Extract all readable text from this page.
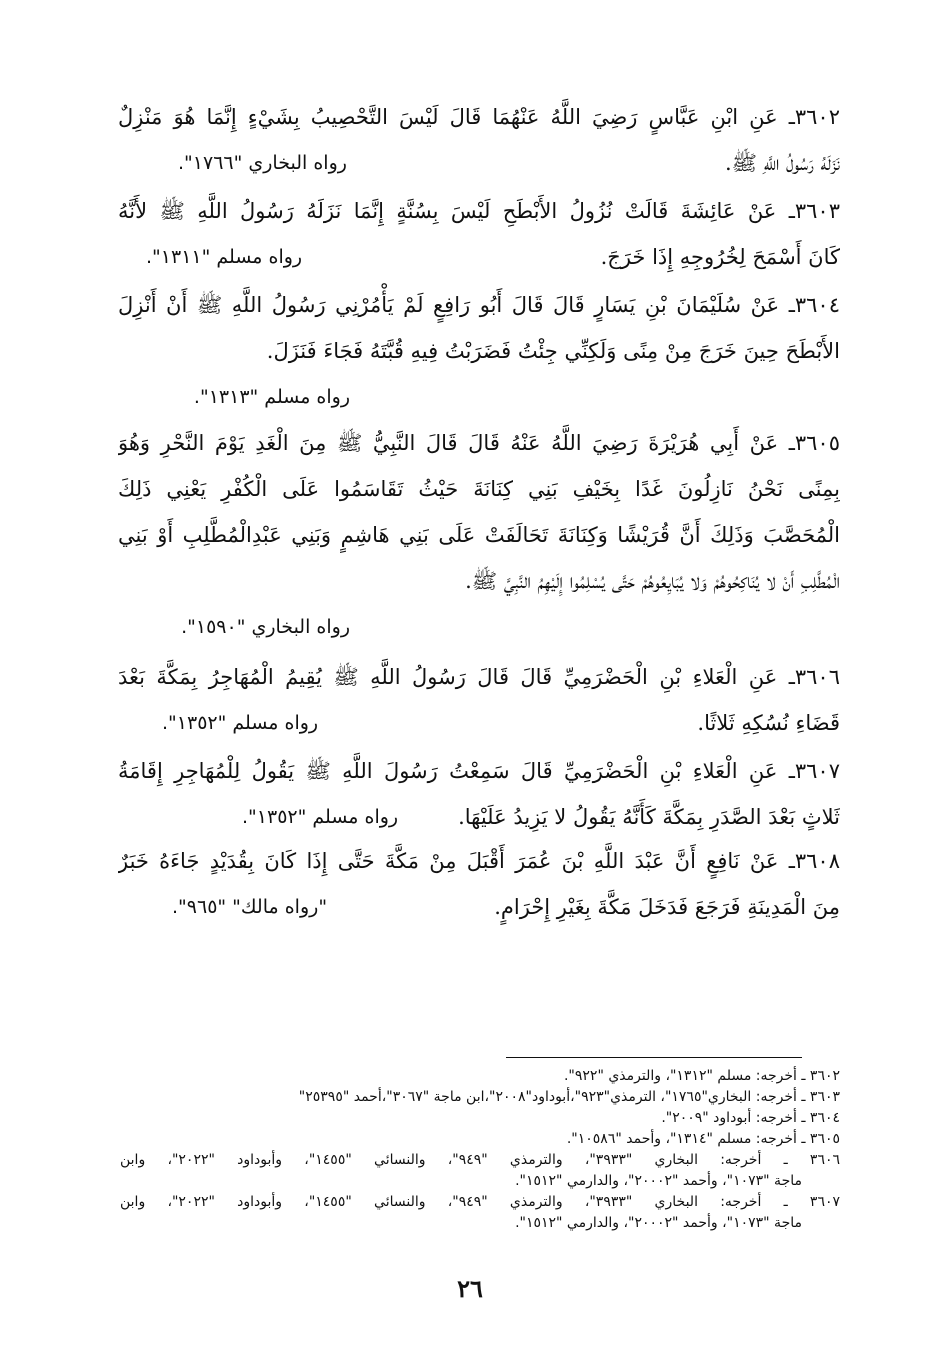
٣٦٠٢ـ عَنِ ابْنِ عَبَّاسٍ رَضِيَ اللَّهُ عَنْهُمَا قَالَ لَيْسَ التَّحْصِيبُ بِشَيْءٍ إِنَّمَا هُوَ مَنْزِلٌ
نَزَلَهُ رَسُولُ اللَّهِ ﷺ.
رواه البخاري "١٧٦٦".
٣٦٠٣ـ عَنْ عَائِشَةَ قَالَتْ نُزُولُ الأَبْطَحِ لَيْسَ بِسُنَّةٍ إِنَّمَا نَزَلَهُ رَسُولُ اللَّهِ ﷺ لأَنَّهُ
كَانَ أَسْمَحَ لِخُرُوجِهِ إِذَا خَرَجَ.
رواه مسلم "١٣١١".
٣٦٠٤ـ عَنْ سُلَيْمَانَ بْنِ يَسَارٍ قَالَ قَالَ أَبُو رَافِعٍ لَمْ يَأْمُرْنِي رَسُولُ اللَّهِ ﷺ أَنْ أَنْزِلَ
الأَبْطَحَ حِينَ خَرَجَ مِنْ مِنًى وَلَكِنِّي جِئْتُ فَضَرَبْتُ فِيهِ قُبَّتَهُ فَجَاءَ فَنَزَلَ.
رواه مسلم "١٣١٣".
٣٦٠٥ـ عَنْ أَبِي هُرَيْرَةَ رَضِيَ اللَّهُ عَنْهُ قَالَ قَالَ النَّبِيُّ ﷺ مِنَ الْغَدِ يَوْمَ النَّحْرِ وَهُوَ
بِمِنًى نَحْنُ نَازِلُونَ غَدًا بِخَيْفِ بَنِي كِنَانَةَ حَيْثُ تَقَاسَمُوا عَلَى الْكُفْرِ يَعْنِي ذَلِكَ
الْمُحَصَّبَ وَذَلِكَ أَنَّ قُرَيْشًا وَكِنَانَةَ تَحَالَفَتْ عَلَى بَنِي هَاشِمٍ وَبَنِي عَبْدِالْمُطَّلِبِ أَوْ بَنِي
الْمُطَّلِبِ أَنْ لا يُنَاكِحُوهُمْ وَلا يُبَايِعُوهُمْ حَتَّى يُسْلِمُوا إِلَيْهِمُ النَّبِيَّ ﷺ.
رواه البخاري "١٥٩٠".
٣٦٠٦ـ عَنِ الْعَلاءِ بْنِ الْحَضْرَمِيِّ قَالَ قَالَ رَسُولُ اللَّهِ ﷺ يُقِيمُ الْمُهَاجِرُ بِمَكَّةَ بَعْدَ
قَضَاءِ نُسُكِهِ ثَلاثًا.
رواه مسلم "١٣٥٢".
٣٦٠٧ـ عَنِ الْعَلاءِ بْنِ الْحَضْرَمِيِّ قَالَ سَمِعْتُ رَسُولَ اللَّهِ ﷺ يَقُولُ لِلْمُهَاجِرِ إِقَامَةُ
ثَلاثٍ بَعْدَ الصَّدَرِ بِمَكَّةَ كَأَنَّهُ يَقُولُ لا يَزِيدُ عَلَيْهَا.
رواه مسلم "١٣٥٢".
٣٦٠٨ـ عَنْ نَافِعٍ أَنَّ عَبْدَ اللَّهِ بْنَ عُمَرَ أَقْبَلَ مِنْ مَكَّةَ حَتَّى إِذَا كَانَ بِقُدَيْدٍ جَاءَهُ خَبَرٌ
مِنَ الْمَدِينَةِ فَرَجَعَ فَدَخَلَ مَكَّةَ بِغَيْرِ إِحْرَامٍ.
"رواه مالك" "٩٦٥".
٣٦٠٢ ـ أخرجه: مسلم "١٣١٢"، والترمذي "٩٢٢".
٣٦٠٣ ـ أخرجه: البخاري"١٧٦٥"، الترمذي"٩٢٣"،أبوداود"٢٠٠٨"،ابن ماجة "٣٠٦٧"،أحمد "٢٥٣٩٥"
٣٦٠٤ ـ أخرجه: أبوداود "٢٠٠٩".
٣٦٠٥ ـ أخرجه: مسلم "١٣١٤"، وأحمد "١٠٥٨٦".
٣٦٠٦ ـ أخرجه: البخاري "٣٩٣٣"، والترمذي "٩٤٩"، والنسائي "١٤٥٥"، وأبوداود "٢٠٢٢"، وابن
ماجة "١٠٧٣"، وأحمد "٢٠٠٠٢"، والدارمي "١٥١٢".
٣٦٠٧ ـ أخرجه: البخاري "٣٩٣٣"، والترمذي "٩٤٩"، والنسائي "١٤٥٥"، وأبوداود "٢٠٢٢"، وابن
ماجة "١٠٧٣"، وأحمد "٢٠٠٠٢"، والدارمي "١٥١٢".
٢٦
